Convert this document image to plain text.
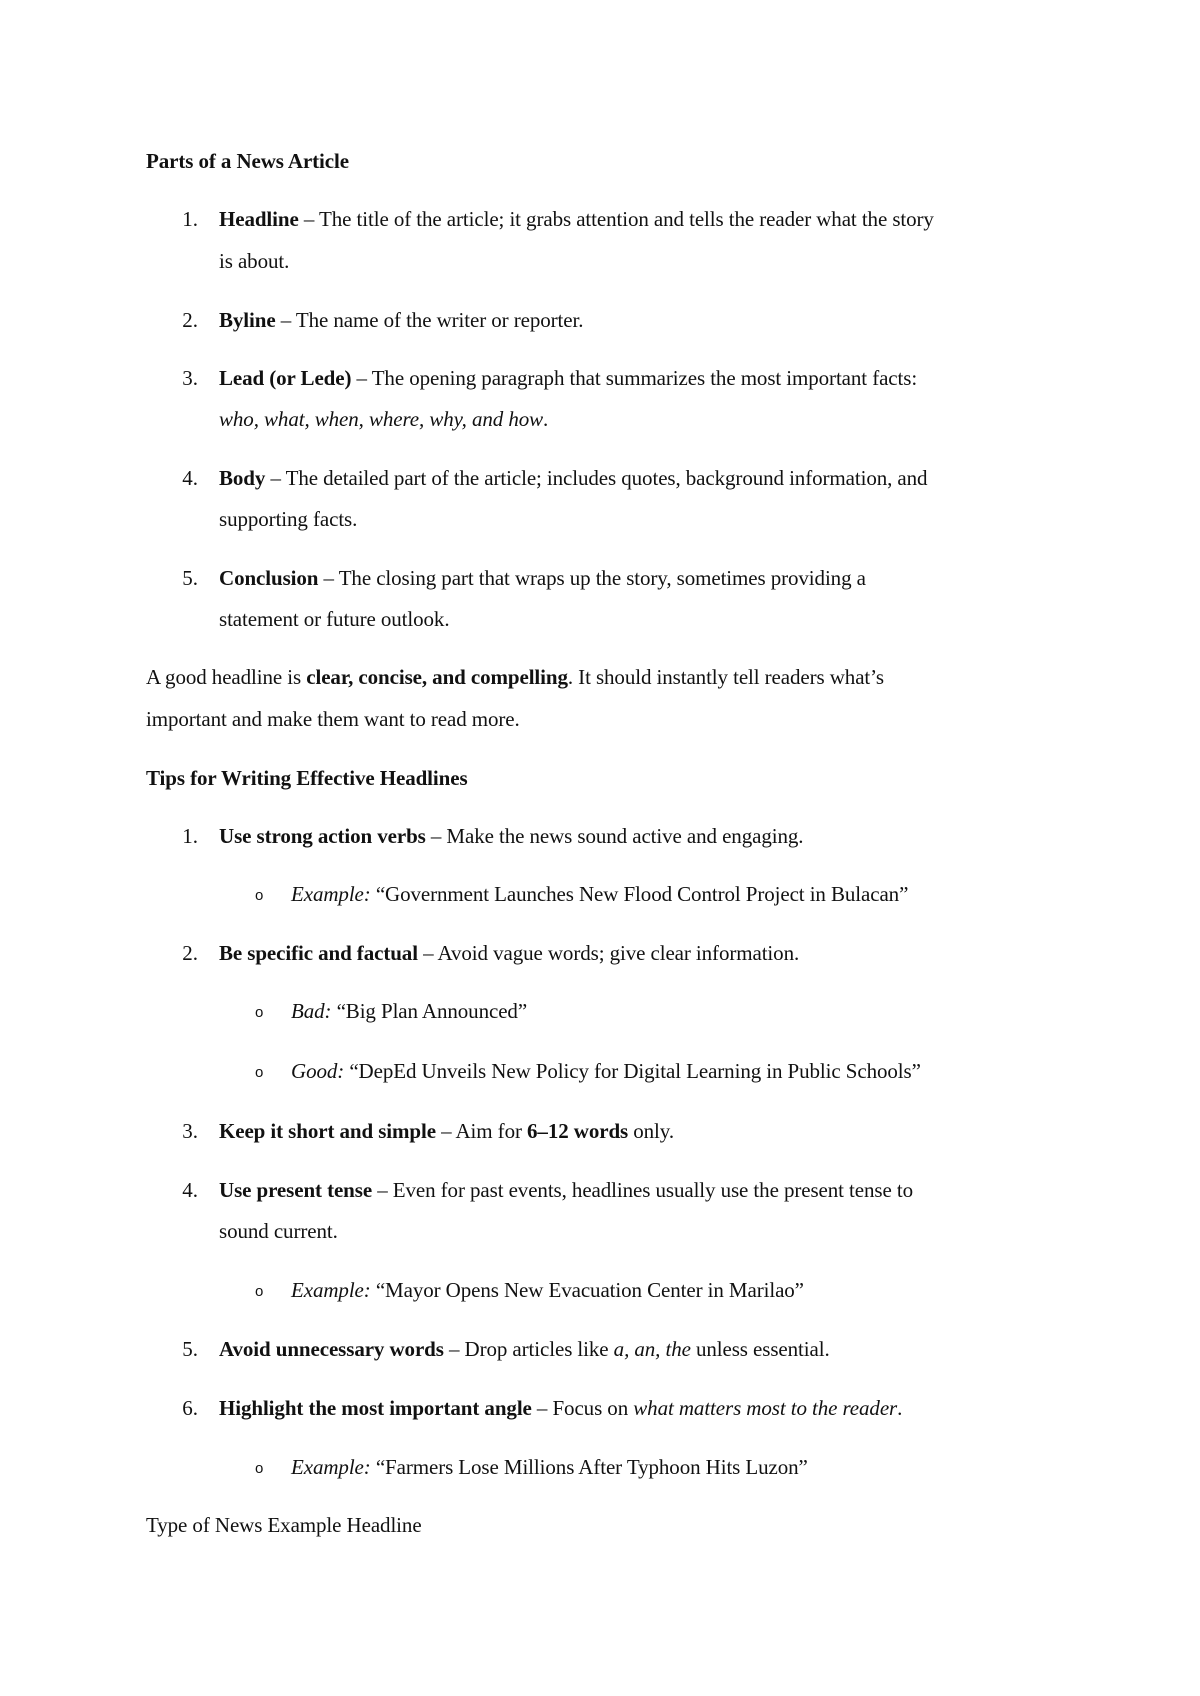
Parts of a News Article
1. Headline – The title of the article; it grabs attention and tells the reader what the story
is about.
2. Byline – The name of the writer or reporter.
3. Lead (or Lede) – The opening paragraph that summarizes the most important facts:
who, what, when, where, why, and how.
4. Body – The detailed part of the article; includes quotes, background information, and
supporting facts.
5. Conclusion – The closing part that wraps up the story, sometimes providing a
statement or future outlook.
A good headline is clear, concise, and compelling. It should instantly tell readers what’s
important and make them want to read more.
Tips for Writing Effective Headlines
1. Use strong action verbs – Make the news sound active and engaging.
o Example: “Government Launches New Flood Control Project in Bulacan”
2. Be specific and factual – Avoid vague words; give clear information.
o Bad: “Big Plan Announced”
o Good: “DepEd Unveils New Policy for Digital Learning in Public Schools”
3. Keep it short and simple – Aim for 6–12 words only.
4. Use present tense – Even for past events, headlines usually use the present tense to
sound current.
o Example: “Mayor Opens New Evacuation Center in Marilao”
5. Avoid unnecessary words – Drop articles like a, an, the unless essential.
6. Highlight the most important angle – Focus on what matters most to the reader.
o Example: “Farmers Lose Millions After Typhoon Hits Luzon”
Type of News Example Headline
